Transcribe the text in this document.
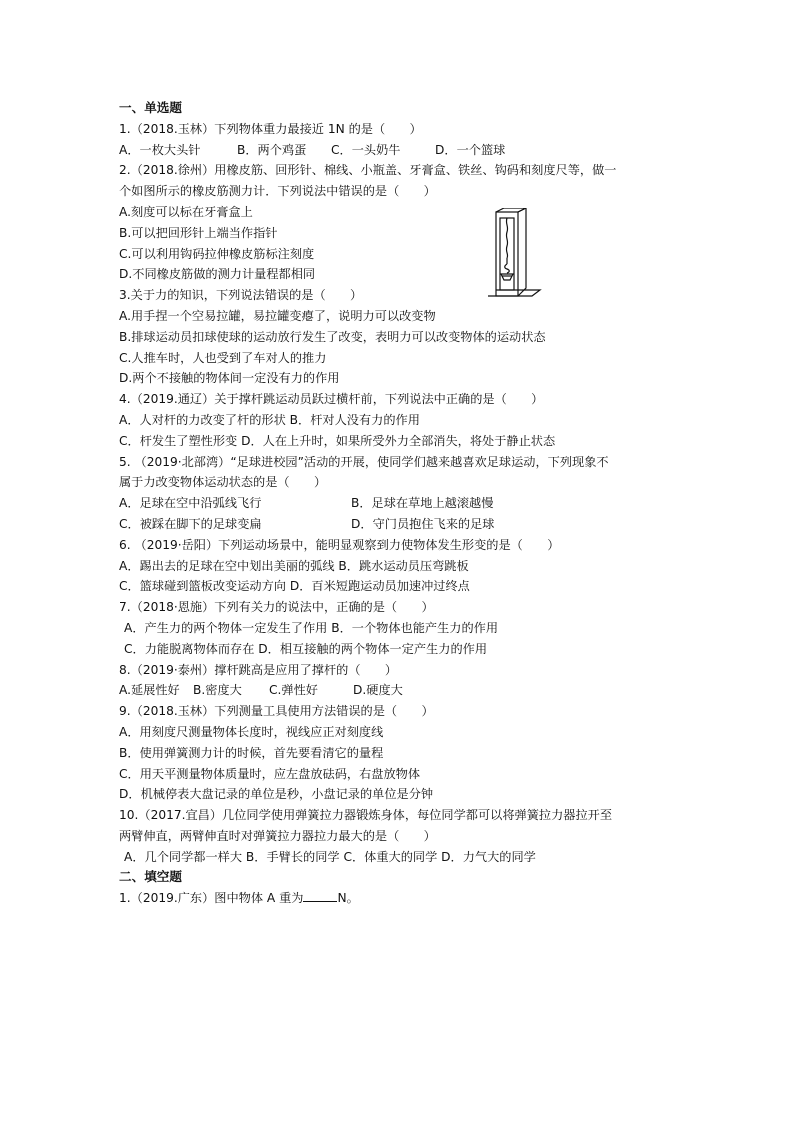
一、单选题
1.（2018.玉林）下列物体重力最接近 1N 的是（　　）
A．一枚大头针	B．两个鸡蛋 C．一头奶牛	D．一个篮球
2.（2018.徐州）用橡皮筋、回形针、棉线、小瓶盖、牙膏盒、铁丝、钩码和刻度尺等，做一
个如图所示的橡皮筋测力计．下列说法中错误的是（　　）
A.刻度可以标在牙膏盒上
B.可以把回形针上端当作指针
C.可以利用钩码拉伸橡皮筋标注刻度
D.不同橡皮筋做的测力计量程都相同
3.关于力的知识，下列说法错误的是（　　）
A.用手捏一个空易拉罐，易拉罐变瘪了，说明力可以改变物
B.排球运动员扣球使球的运动放行发生了改变，表明力可以改变物体的运动状态
C.人推车时，人也受到了车对人的推力
D.两个不接触的物体间一定没有力的作用
4.（2019.通辽）关于撑杆跳运动员跃过横杆前，下列说法中正确的是（　　）
A．人对杆的力改变了杆的形状 B．杆对人没有力的作用
C．杆发生了塑性形变 D．人在上升时，如果所受外力全部消失，将处于静止状态
5. （2019·北部湾）“足球进校园”活动的开展，使同学们越来越喜欢足球运动，下列现象不
属于力改变物体运动状态的是（　　）
A．足球在空中沿弧线飞行	B．足球在草地上越滚越慢
C．被踩在脚下的足球变扁	D．守门员抱住飞来的足球
6. （2019·岳阳）下列运动场景中，能明显观察到力使物体发生形变的是（　　）
A．踢出去的足球在空中划出美丽的弧线 B．跳水运动员压弯跳板
C．篮球碰到篮板改变运动方向 D．百米短跑运动员加速冲过终点
7.（2018·恩施）下列有关力的说法中，正确的是（　　）
A．产生力的两个物体一定发生了作用 B．一个物体也能产生力的作用
C．力能脱离物体而存在 D．相互接触的两个物体一定产生力的作用
8.（2019·泰州）撑杆跳高是应用了撑杆的（　　）
A.延展性好 B.密度大 C.弹性好	D.硬度大
9.（2018.玉林）下列测量工具使用方法错误的是（　　）
A．用刻度尺测量物体长度时，视线应正对刻度线
B．使用弹簧测力计的时候，首先要看清它的量程
C．用天平测量物体质量时，应左盘放砝码，右盘放物体
D．机械停表大盘记录的单位是秒，小盘记录的单位是分钟
10.（2017.宜昌）几位同学使用弹簧拉力器锻炼身体，每位同学都可以将弹簧拉力器拉开至
两臂伸直，两臂伸直时对弹簧拉力器拉力最大的是（　　）
A．几个同学都一样大 B．手臂长的同学 C．体重大的同学 D．力气大的同学
二、填空题
1.（2019.广东）图中物体 A 重为	N。
